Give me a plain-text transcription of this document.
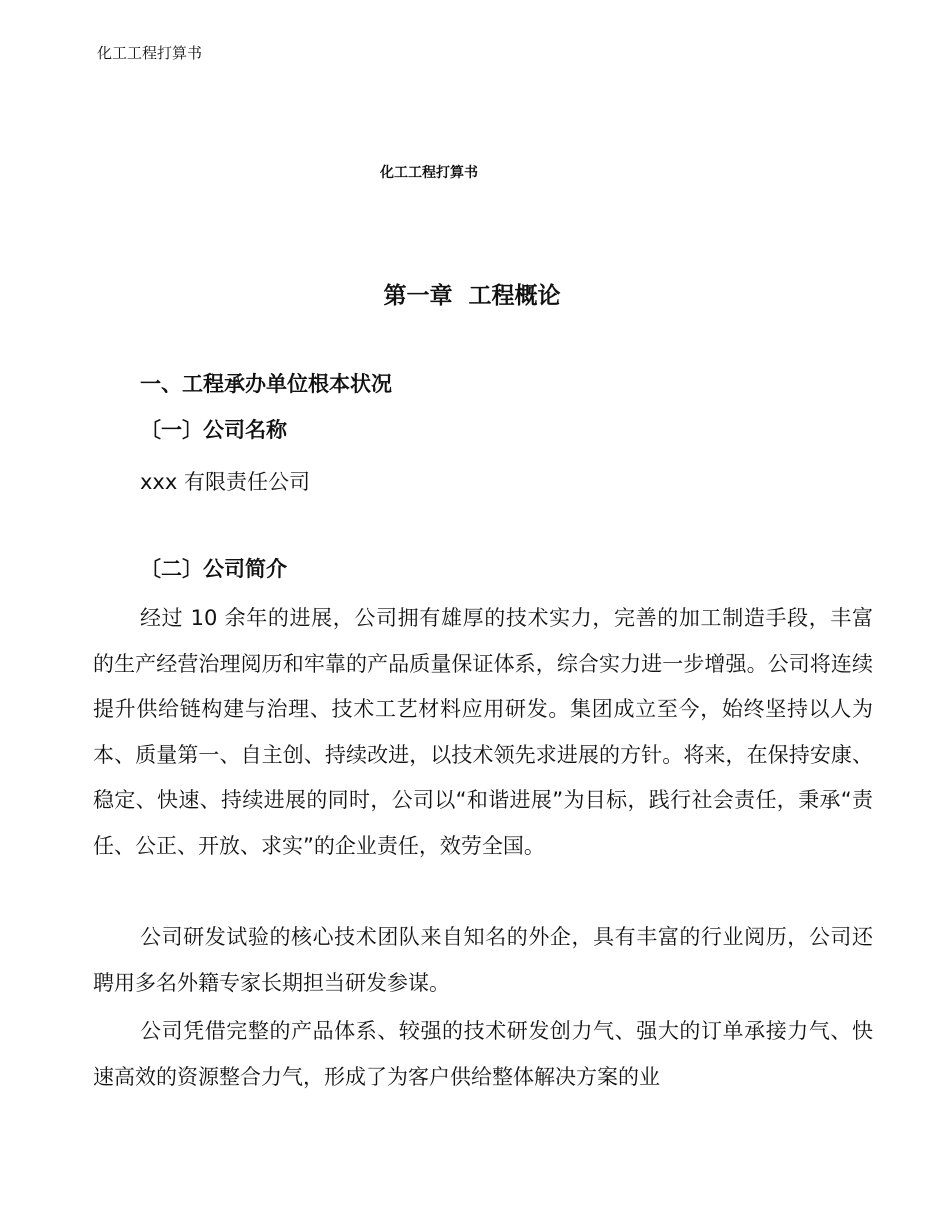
化工工程打算书
化工工程打算书
第一章  工程概论
一、工程承办单位根本状况
〔一〕公司名称
xxx 有限责任公司
〔二〕公司简介
经过 10 余年的进展，公司拥有雄厚的技术实力，完善的加工制造手段，丰富的生产经营治理阅历和牢靠的产品质量保证体系，综合实力进一步增强。公司将连续提升供给链构建与治理、技术工艺材料应用研发。集团成立至今，始终坚持以人为本、质量第一、自主创、持续改进，以技术领先求进展的方针。将来，在保持安康、稳定、快速、持续进展的同时，公司以“和谐进展”为目标，践行社会责任，秉承“责任、公正、开放、求实”的企业责任，效劳全国。
公司研发试验的核心技术团队来自知名的外企，具有丰富的行业阅历，公司还聘用多名外籍专家长期担当研发参谋。
公司凭借完整的产品体系、较强的技术研发创力气、强大的订单承接力气、快速高效的资源整合力气，形成了为客户供给整体解决方案的业
